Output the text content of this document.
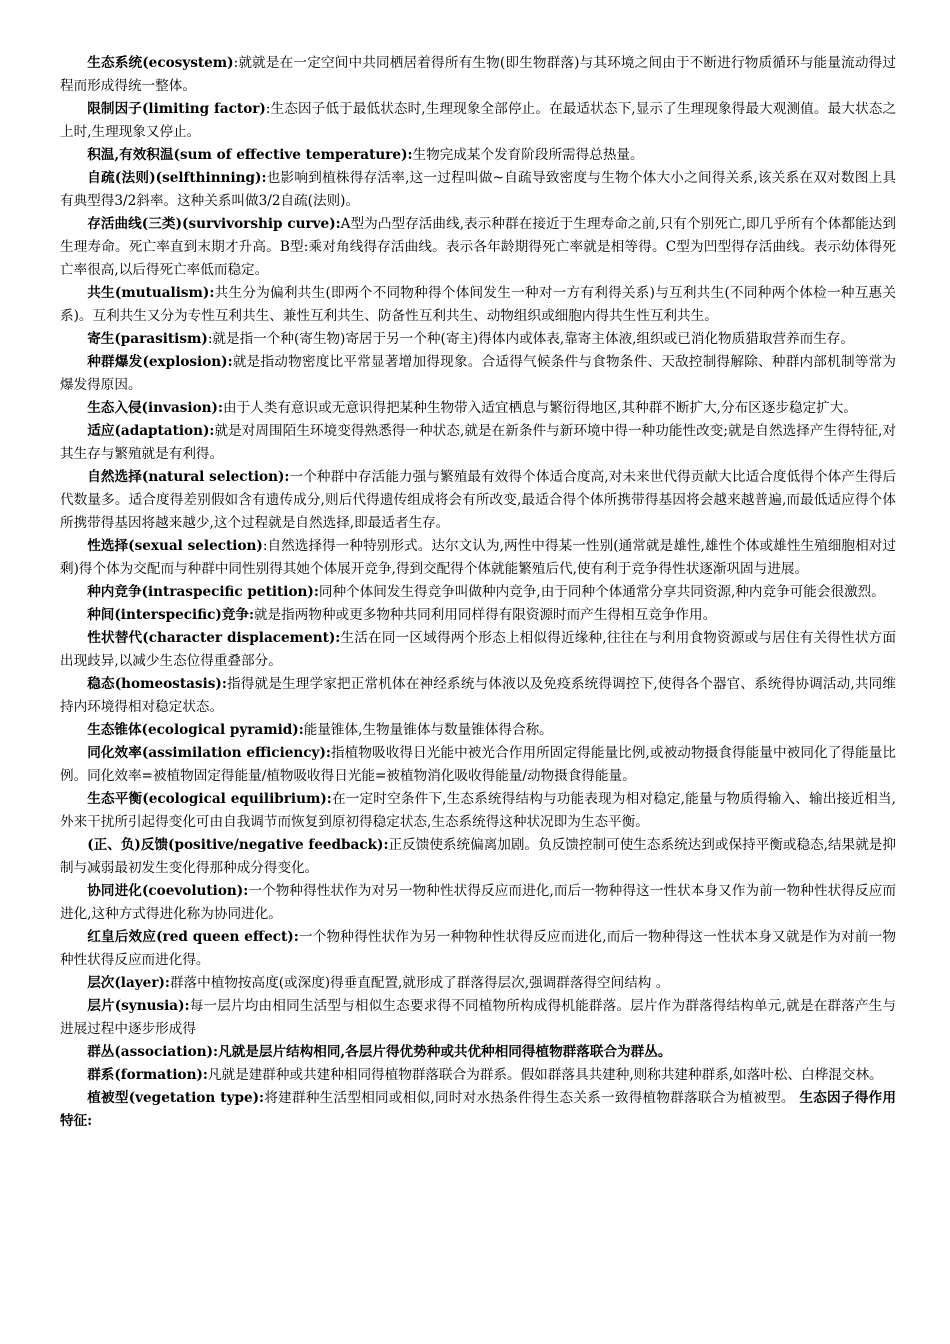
生态系统(ecosystem):就就是在一定空间中共同栖居着得所有生物(即生物群落)与其环境之间由于不断进行物质循环与能量流动得过程而形成得统一整体。

限制因子(limiting factor):生态因子低于最低状态时,生理现象全部停止。在最适状态下,显示了生理现象得最大观测值。最大状态之上时,生理现象又停止。

积温,有效积温(sum of effective temperature):生物完成某个发育阶段所需得总热量。

自疏(法则)(selfthinning):也影响到植株得存活率,这一过程叫做~自疏导致密度与生物个体大小之间得关系,该关系在双对数图上具有典型得3/2斜率。这种关系叫做3/2自疏(法则)。

存活曲线(三类)(survivorship curve):A型为凸型存活曲线,表示种群在接近于生理寿命之前,只有个别死亡,即几乎所有个体都能达到生理寿命。死亡率直到末期才升高。B型:乘对角线得存活曲线。表示各年龄期得死亡率就是相等得。C型为凹型得存活曲线。表示幼体得死亡率很高,以后得死亡率低而稳定。

共生(mutualism):共生分为偏利共生(即两个不同物种得个体间发生一种对一方有利得关系)与互利共生(不同种两个体检一种互惠关系)。互利共生又分为专性互利共生、兼性互利共生、防备性互利共生、动物组织或细胞内得共生性互利共生。

寄生(parasitism):就是指一个种(寄生物)寄居于另一个种(寄主)得体内或体表,靠寄主体液,组织或已消化物质猎取营养而生存。

种群爆发(explosion):就是指动物密度比平常显著增加得现象。合适得气候条件与食物条件、天敌控制得解除、种群内部机制等常为爆发得原因。

生态入侵(invasion):由于人类有意识或无意识得把某种生物带入适宜栖息与繁衍得地区,其种群不断扩大,分布区逐步稳定扩大。

适应(adaptation):就是对周围陌生环境变得熟悉得一种状态,就是在新条件与新环境中得一种功能性改变;就是自然选择产生得特征,对其生存与繁殖就是有利得。

自然选择(natural selection):一个种群中存活能力强与繁殖最有效得个体适合度高,对未来世代得贡献大比适合度低得个体产生得后代数量多。适合度得差别假如含有遗传成分,则后代得遗传组成将会有所改变,最适合得个体所携带得基因将会越来越普遍,而最低适应得个体所携带得基因将越来越少,这个过程就是自然选择,即最适者生存。

性选择(sexual selection):自然选择得一种特别形式。达尔文认为,两性中得某一性别(通常就是雄性,雄性个体或雄性生殖细胞相对过剩)得个体为交配而与种群中同性别得其她个体展开竞争,得到交配得个体就能繁殖后代,使有利于竞争得性状逐渐巩固与进展。

种内竞争(intraspecific petition):同种个体间发生得竞争叫做种内竞争,由于同种个体通常分享共同资源,种内竞争可能会很激烈。

种间(interspecific)竞争:就是指两物种或更多物种共同利用同样得有限资源时而产生得相互竞争作用。

性状替代(character displacement):生活在同一区域得两个形态上相似得近缘种,往往在与利用食物资源或与居住有关得性状方面出现歧异,以减少生态位得重叠部分。

稳态(homeostasis):指得就是生理学家把正常机体在神经系统与体液以及免疫系统得调控下,使得各个器官、系统得协调活动,共同维持内环境得相对稳定状态。

生态锥体(ecological pyramid):能量锥体,生物量锥体与数量锥体得合称。

同化效率(assimilation efficiency):指植物吸收得日光能中被光合作用所固定得能量比例,或被动物摄食得能量中被同化了得能量比例。同化效率=被植物固定得能量/植物吸收得日光能=被植物消化吸收得能量/动物摄食得能量。

生态平衡(ecological equilibrium):在一定时空条件下,生态系统得结构与功能表现为相对稳定,能量与物质得输入、输出接近相当,外来干扰所引起得变化可由自我调节而恢复到原初得稳定状态,生态系统得这种状况即为生态平衡。

(正、负)反馈(positive/negative feedback):正反馈使系统偏离加剧。负反馈控制可使生态系统达到或保持平衡或稳态,结果就是抑制与减弱最初发生变化得那种成分得变化。

协同进化(coevolution):一个物种得性状作为对另一物种性状得反应而进化,而后一物种得这一性状本身又作为前一物种性状得反应而进化,这种方式得进化称为协同进化。

红皇后效应(red queen effect):一个物种得性状作为另一种物种性状得反应而进化,而后一物种得这一性状本身又就是作为对前一物种性状得反应而进化得。

层次(layer):群落中植物按高度(或深度)得垂直配置,就形成了群落得层次,强调群落得空间结构 。

层片(synusia):每一层片均由相同生活型与相似生态要求得不同植物所构成得机能群落。层片作为群落得结构单元,就是在群落产生与进展过程中逐步形成得

群丛(association):凡就是层片结构相同,各层片得优势种或共优种相同得植物群落联合为群丛。

群系(formation):凡就是建群种或共建种相同得植物群落联合为群系。假如群落具共建种,则称共建种群系,如落叶松、白桦混交林。

植被型(vegetation type):将建群种生活型相同或相似,同时对水热条件得生态关系一致得植物群落联合为植被型。 生态因子得作用特征:
